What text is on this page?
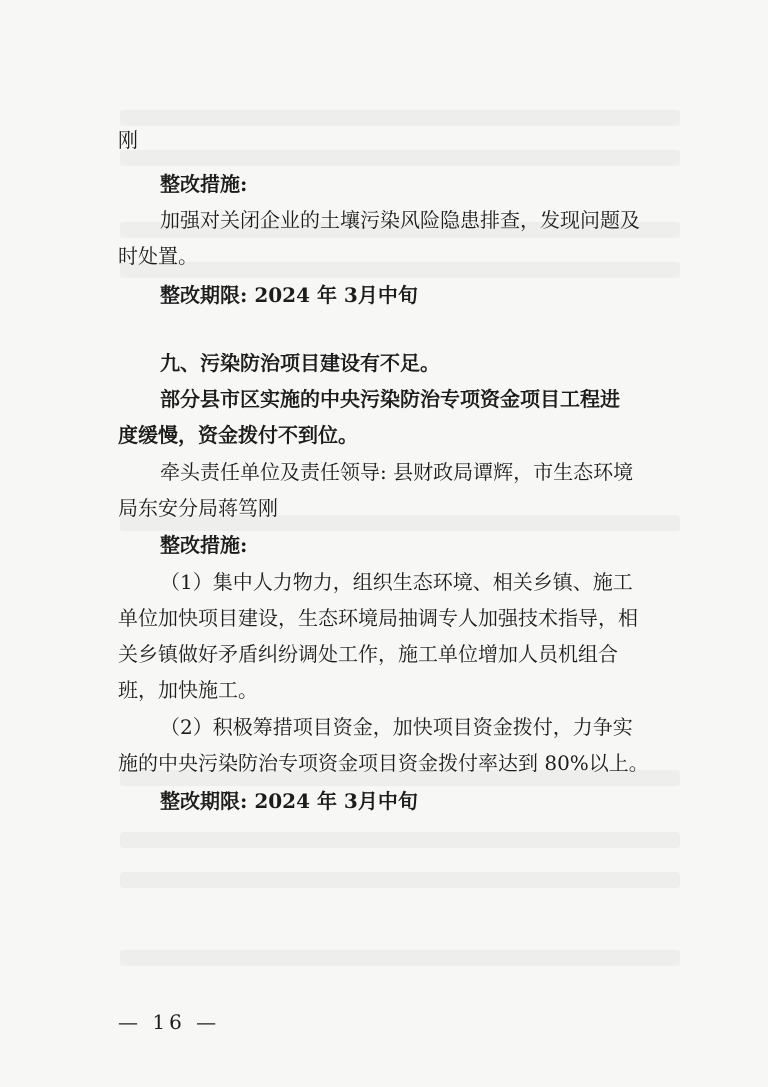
刚
整改措施:
加强对关闭企业的土壤污染风险隐患排查，发现问题及
时处置。
整改期限: 2024 年 3月中旬
九、污染防治项目建设有不足。
部分县市区实施的中央污染防治专项资金项目工程进
度缓慢，资金拨付不到位。
牵头责任单位及责任领导: 县财政局谭辉，市生态环境
局东安分局蒋笃刚
整改措施:
（1）集中人力物力，组织生态环境、相关乡镇、施工
单位加快项目建设，生态环境局抽调专人加强技术指导，相
关乡镇做好矛盾纠纷调处工作，施工单位增加人员机组合
班，加快施工。
（2）积极筹措项目资金，加快项目资金拨付，力争实
施的中央污染防治专项资金项目资金拨付率达到 80%以上。
整改期限: 2024 年 3月中旬
— 16 —
